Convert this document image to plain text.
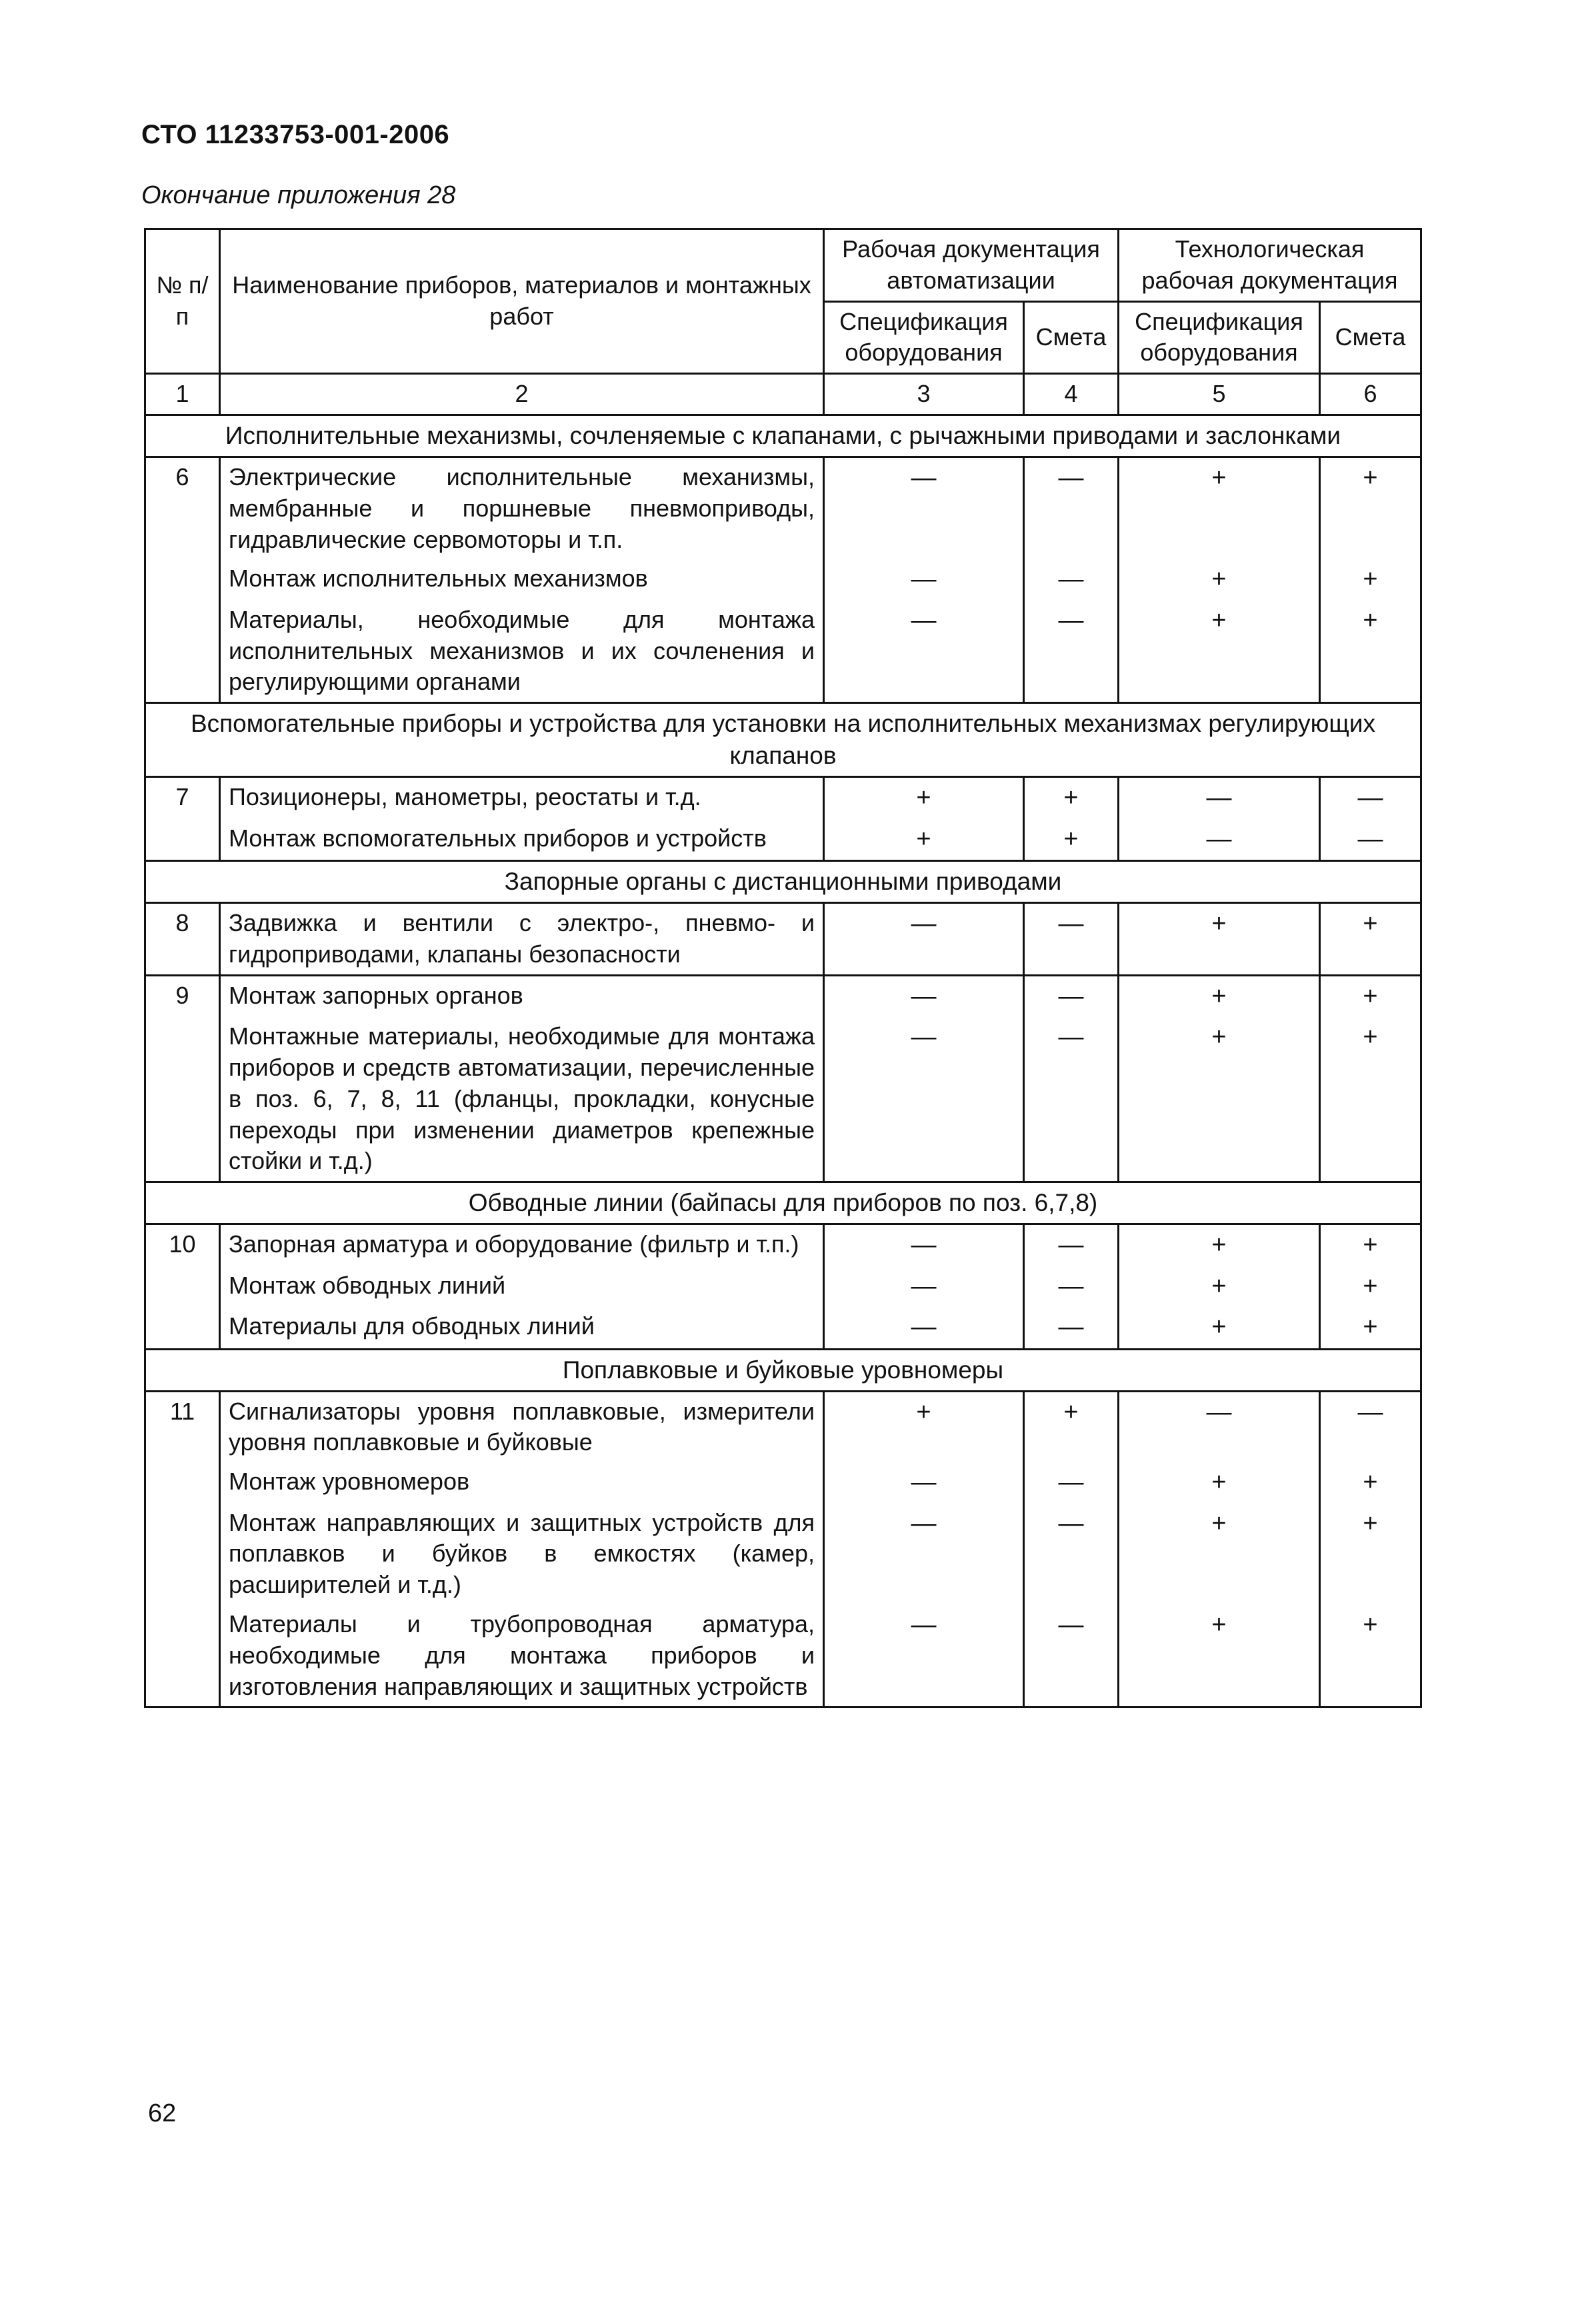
СТО 11233753-001-2006
Окончание приложения 28
№ п/п	Наименование приборов, материалов и монтажных работ	Рабочая документация автоматизации		Технологическая рабочая документация	
		Спецификация оборудования	Смета	Спецификация оборудования	Смета
1	2	3	4	5	6
Исполнительные механизмы, сочленяемые с клапанами, с рычажными приводами и заслонками					
6	Электрические исполнительные механизмы, мембранные и поршневые пневмоприводы, гидравлические сервомоторы и т.п.	—	—	+	+
	Монтаж исполнительных механизмов	—	—	+	+
	Материалы, необходимые для монтажа исполнительных механизмов и их сочленения и регулирующими органами	—	—	+	+
Вспомогательные приборы и устройства для установки на исполнительных механизмах регулирующих клапанов					
7	Позиционеры, манометры, реостаты и т.д.	+	+	—	—
	Монтаж вспомогательных приборов и устройств	+	+	—	—
Запорные органы с дистанционными приводами					
8	Задвижка и вентили с электро-, пневмо- и гидроприводами, клапаны безопасности	—	—	+	+
9	Монтаж запорных органов	—	—	+	+
	Монтажные материалы, необходимые для монтажа приборов и средств автоматизации, перечисленные в поз. 6, 7, 8, 11 (фланцы, прокладки, конусные переходы при изменении диаметров крепежные стойки и т.д.)	—	—	+	+
Обводные линии (байпасы для приборов по поз. 6,7,8)					
10	Запорная арматура и оборудование (фильтр и т.п.)	—	—	+	+
	Монтаж обводных линий	—	—	+	+
	Материалы для обводных линий	—	—	+	+
Поплавковые и буйковые уровномеры					
11	Сигнализаторы уровня поплавковые, измерители уровня поплавковые и буйковые	+	+	—	—
	Монтаж уровномеров	—	—	+	+
	Монтаж направляющих и защитных устройств для поплавков и буйков в емкостях (камер, расширителей и т.д.)	—	—	+	+
	Материалы и трубопроводная арматура, необходимые для монтажа приборов и изготовления направляющих и защитных устройств	—	—	+	+
62
